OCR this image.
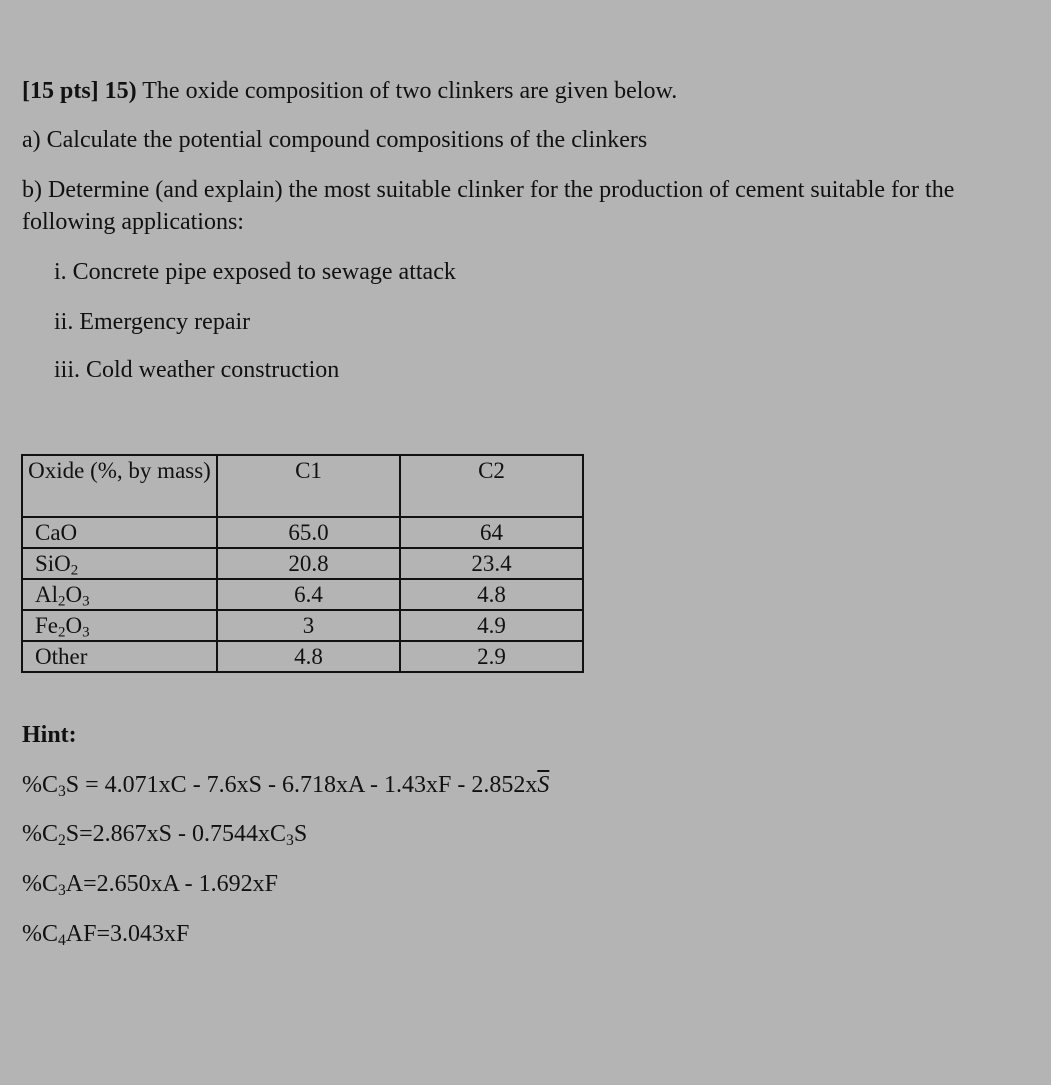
[15 pts] 15) The oxide composition of two clinkers are given below.

a) Calculate the potential compound compositions of the clinkers

b) Determine (and explain) the most suitable clinker for the production of cement suitable for the following applications:

i. Concrete pipe exposed to sewage attack

ii. Emergency repair

iii. Cold weather construction

Oxide (%, by mass)	C1	C2
CaO	65.0	64
SiO$_2$	20.8	23.4
$Al_2O_3$	6.4	4.8
$Fe_2O_3$	3	4.9
Other	4.8	2.9

Hint:

$\%C_3S = 4.071xC - 7.6xS - 6.718xA - 1.43xF - 2.852x\overline{S}$

$\%C_2S=2.867xS - 0.7544xC_3S$

$\%C_3A=2.650xA - 1.692xF$

$\%C_4AF=3.043xF$
